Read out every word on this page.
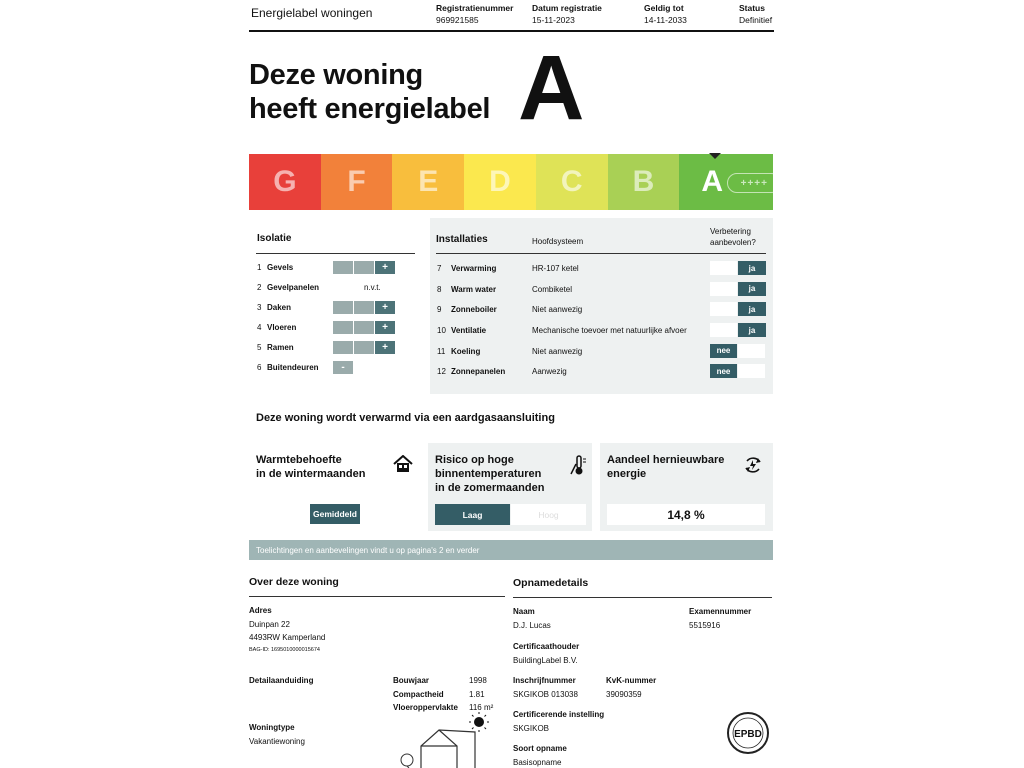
Energielabel woningen	Registratienummer
969921585
Datum registratie
15-11-2023
Geldig tot
14-11-2033
Status
Definitief
Deze woning
heeft energielabel A
G	F	E	D	C	B	A	++++
Isolatie
1 Gevels	+
2 Gevelpanelen	n.v.t.
3 Daken	+
4 Vloeren	+
5 Ramen	+
6 Buitendeuren	-
Installaties	Hoofdsysteem
Verbetering
aanbevolen?
7	Verwarming	HR-107 ketel	ja
8	Warm water	Combiketel	ja
9	Zonneboiler	Niet aanwezig	ja
10 Ventilatie	Mechanische toevoer met natuurlijke afvoer	ja
11 Koeling	Niet aanwezig	nee
12 Zonnepanelen	Aanwezig	nee
Deze woning wordt verwarmd via een aardgasaansluiting
Warmtebehoefte
in de wintermaanden
Gemiddeld
Risico op hoge
binnentemperaturen
in de zomermaanden
Laag	Hoog
Aandeel hernieuwbare
energie
14,8 %
Toelichtingen en aanbevelingen vindt u op pagina's 2 en verder
Over deze woning
Adres
Duinpan 22
4493RW Kamperland
BAG-ID: 1695010000015674
Detailaanduiding	Bouwjaar	1998
Compactheid	1.81
Vloeroppervlakte 116 m²
Woningtype
Vakantiewoning
Opnamedetails
Naam
D.J. Lucas
Examennummer
5515916
Certificaathouder
BuildingLabel B.V.
Inschrijfnummer
SKGIKOB 013038
KvK-nummer
39090359
Certificerende instelling
SKGIKOB
Soort opname
Basisopname
EPBD
